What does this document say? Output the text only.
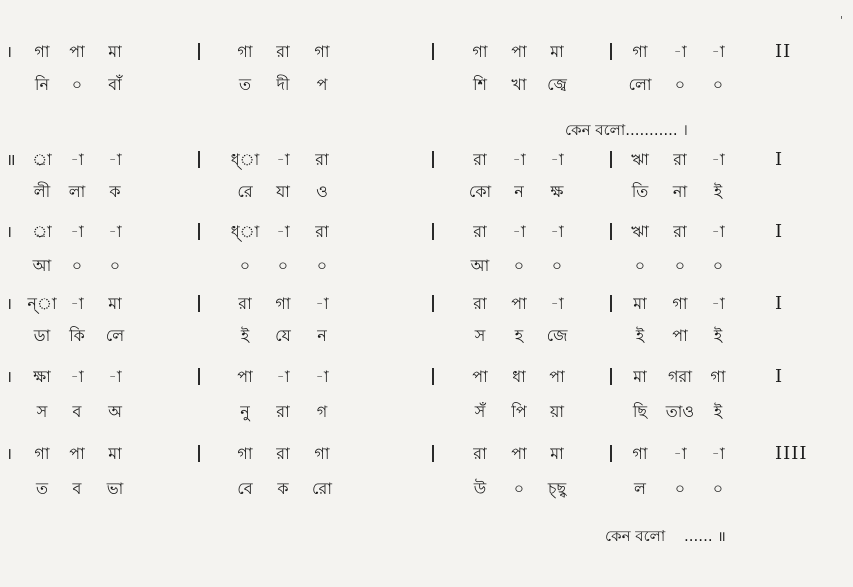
।	II
গা পা মা	গা রা গা	গা পা মা	গা -া -া
নি ০ বাঁ	ত দী প	শি খা জ্বে	লো ০ ০
॥	I
র্‌া -া -া	ধ্‌া -া রা	রা -া -া	ঋা রা -া
লী লা ক	রে যা ও	কো ন ক্ষ	তি না ই
।	I
র্‌া -া -া	ধ্‌া -া রা	রা -া -া	ঋা রা -া
আ ০ ০	০ ০ ০	আ ০ ০	০ ০ ০
।	I
ন্‌া -া মা	রা গা -া	রা পা -া	মা গা -া
ডা কি লে	ই যে ন	স হ জে	ই পা ই
।	I
ক্ষা -া -া	পা -া -া	পা ধা পা	মা গরা গা
স ব অ	নু রা গ	সঁ পি য়া	ছি তাও ই
।	IIII
গা পা মা	গা রা গা	রা পা মা	গা -া -া
ত ব ভা	বে ক রো	উ ০ চ্ছ্ব	ল ০ ০
কেন বলো........... ।
কেন বলো ...... ॥
'
